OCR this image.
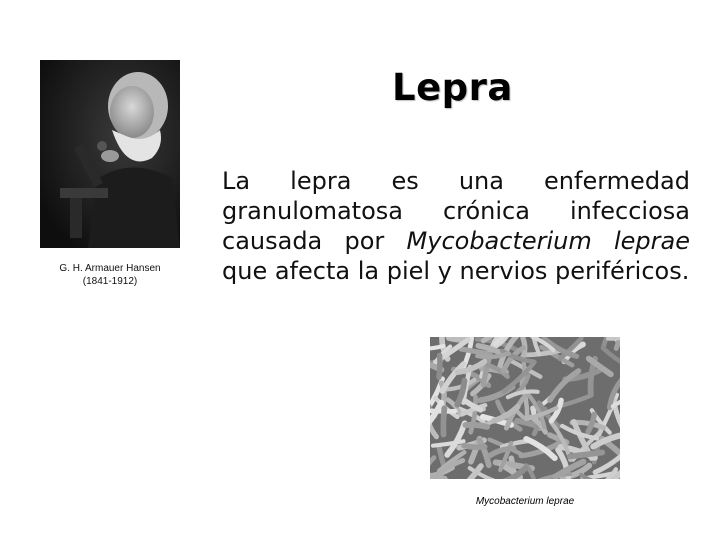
G. H. Armauer Hansen
(1841-1912)
Lepra
La lepra es una enfermedad granulomatosa crónica infecciosa causada por Mycobacterium leprae que afecta la piel y nervios periféricos.
Mycobacterium leprae
